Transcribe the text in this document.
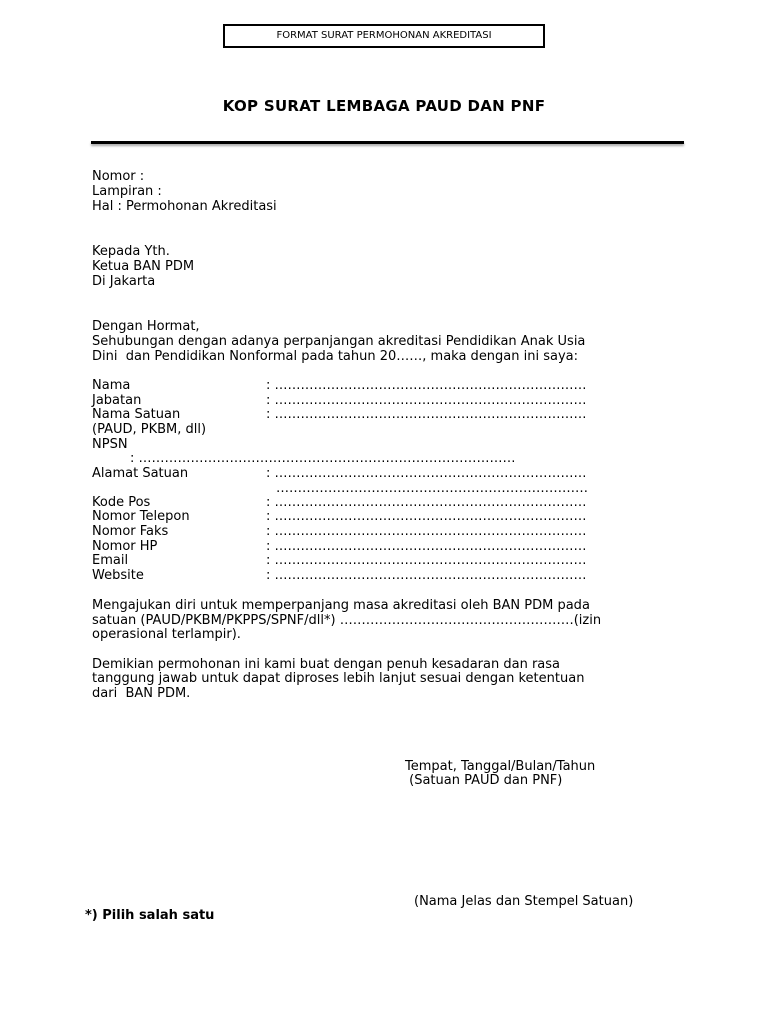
FORMAT SURAT PERMOHONAN AKREDITASI
KOP SURAT LEMBAGA PAUD DAN PNF
Nomor :
Lampiran :
Hal : Permohonan Akreditasi
Kepada Yth.
Ketua BAN PDM
Di Jakarta
Dengan Hormat,
Sehubungan dengan adanya perpanjangan akreditasi Pendidikan Anak Usia
Dini  dan Pendidikan Nonformal pada tahun 20……, maka dengan ini saya:
Nama	: ………………………………………………………………
Jabatan	: ………………………………………………………………
Nama Satuan	: ………………………………………………………………
(PAUD, PKBM, dll)
NPSN
: ……………………………………………………………………………
Alamat Satuan	: ………………………………………………………………
………………………………………………………………
Kode Pos	: ………………………………………………………………
Nomor Telepon	: ………………………………………………………………
Nomor Faks	: ………………………………………………………………
Nomor HP	: ………………………………………………………………
Email	: ………………………………………………………………
Website	: ………………………………………………………………
Mengajukan diri untuk memperpanjang masa akreditasi oleh BAN PDM pada
satuan (PAUD/PKBM/PKPPS/SPNF/dll*) ………………………………………………(izin
operasional terlampir).
Demikian permohonan ini kami buat dengan penuh kesadaran dan rasa
tanggung jawab untuk dapat diproses lebih lanjut sesuai dengan ketentuan
dari  BAN PDM.
Tempat, Tanggal/Bulan/Tahun
(Satuan PAUD dan PNF)
(Nama Jelas dan Stempel Satuan)
*) Pilih salah satu
